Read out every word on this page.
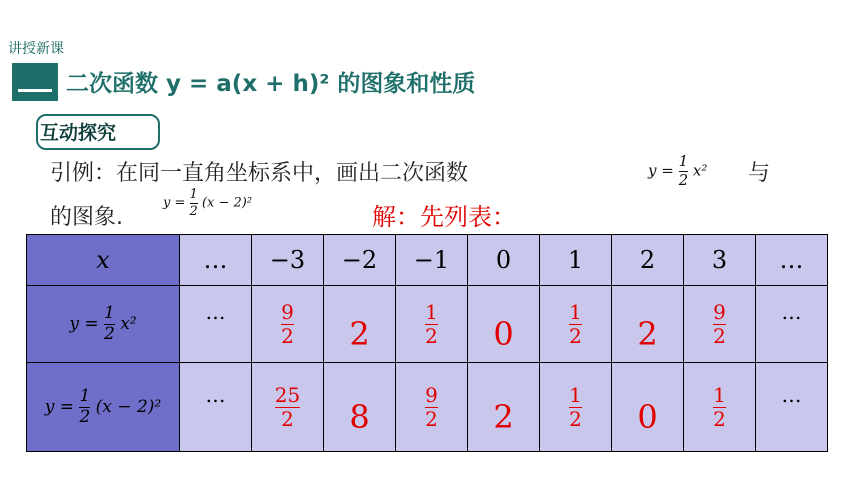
讲授新课
二次函数 y = a(x + h)² 的图象和性质
互动探究
引例：在同一直角坐标系中，画出二次函数	$y = \frac{1}{2} x^2$ 与
的图象.
$y = \frac{1}{2} (x - 2)^2$	解：先列表：
x	…	−3	−2	−1	0	1	2	3	…
$y = \frac{1}{2} x^2$	…	$\frac{9}{2}$	2	$\frac{1}{2}$	0	$\frac{1}{2}$	2	$\frac{9}{2}$	…
$y = \frac{1}{2} (x - 2)^2$	…	$\frac{25}{2}$	8	$\frac{9}{2}$	2	$\frac{1}{2}$	0	$\frac{1}{2}$	…
